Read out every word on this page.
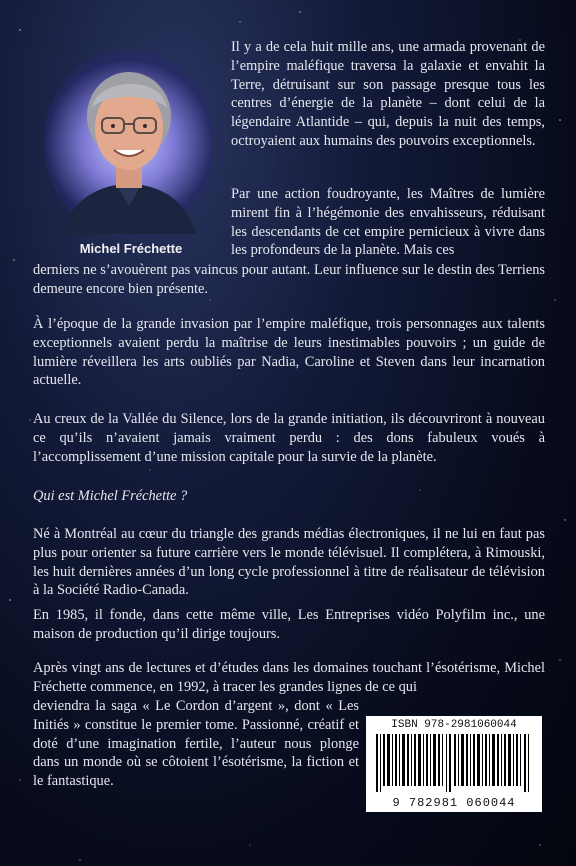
Michel Fréchette

Il y a de cela huit mille ans, une armada provenant de l’empire maléfique traversa la galaxie et envahit la Terre, détruisant sur son passage presque tous les centres d’énergie de la planète – dont celui de la légendaire Atlantide – qui, depuis la nuit des temps, octroyaient aux humains des pouvoirs exceptionnels.

Par une action foudroyante, les Maîtres de lumière mirent fin à l’hégémonie des envahisseurs, réduisant les descendants de cet empire pernicieux à vivre dans les profondeurs de la planète. Mais ces

derniers ne s’avouèrent pas vaincus pour autant. Leur influence sur le destin des Terriens demeure encore bien présente.

À l’époque de la grande invasion par l’empire maléfique, trois personnages aux talents exceptionnels avaient perdu la maîtrise de leurs inestimables pouvoirs ; un guide de lumière réveillera les arts oubliés par Nadia, Caroline et Steven dans leur incarnation actuelle.

Au creux de la Vallée du Silence, lors de la grande initiation, ils découvriront à nouveau ce qu’ils n’avaient jamais vraiment perdu : des dons fabuleux voués à l’accomplissement d’une mission capitale pour la survie de la planète.

Qui est Michel Fréchette ?

Né à Montréal au cœur du triangle des grands médias électroniques, il ne lui en faut pas plus pour orienter sa future carrière vers le monde télévisuel. Il complétera, à Rimouski, les huit dernières années d’un long cycle professionnel à titre de réalisateur de télévision à la Société Radio-Canada.

En 1985, il fonde, dans cette même ville, Les Entreprises vidéo Polyfilm inc., une maison de production qu’il dirige toujours.

Après vingt ans de lectures et d’études dans les domaines touchant l’ésotérisme, Michel Fréchette commence, en 1992, à tracer les grandes lignes de ce qui

deviendra la saga « Le Cordon d’argent », dont « Les Initiés » constitue le premier tome. Passionné, créatif et doté d’une imagination fertile, l’auteur nous plonge dans un monde où se côtoient l’ésotérisme, la fiction et le fantastique.

ISBN 978-2981060044
9 782981 060044
